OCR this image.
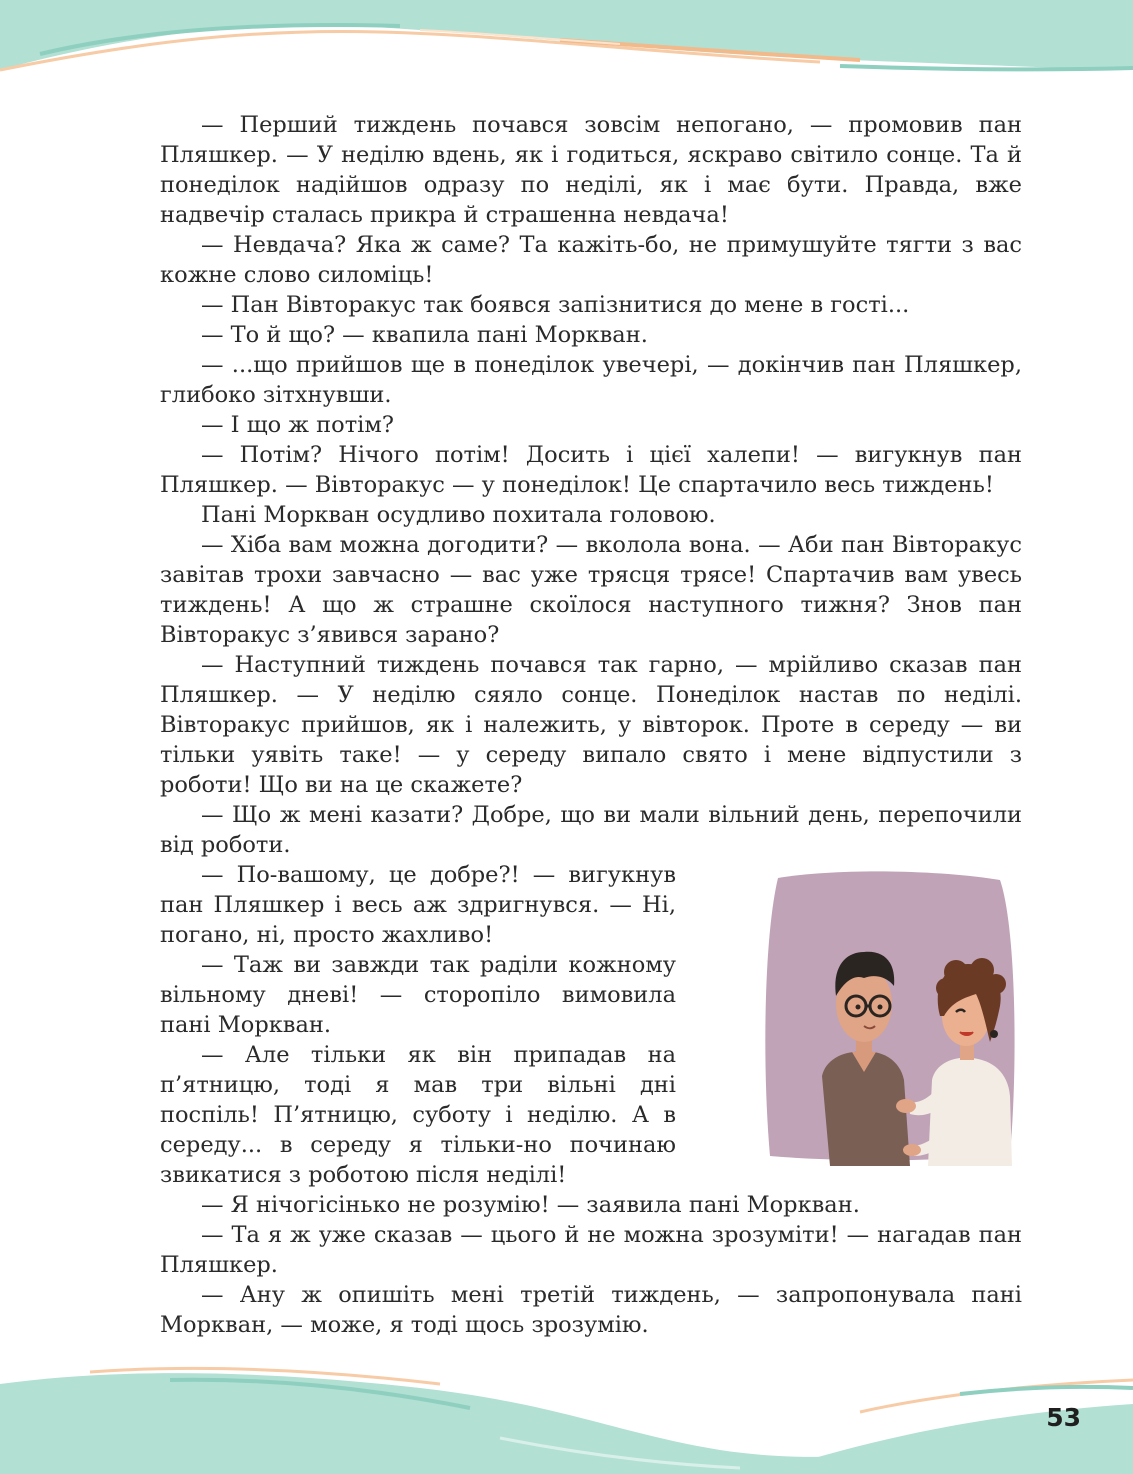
— Перший тиждень почався зовсім непогано, — промовив пан Пляшкер. — У неділю вдень, як і годиться, яскраво світило сонце. Та й понеділок надійшов одразу по неділі, як і має бути. Правда, вже надвечір сталась прикра й страшенна невдача!

— Невдача? Яка ж саме? Та кажіть-бо, не примушуйте тягти з вас кожне слово силоміць!

— Пан Вівторакус так боявся запізнитися до мене в гості...

— То й що? — квапила пані Морквaн.

— ...що прийшов ще в понеділок увечері, — докінчив пан Пляшкер, глибоко зітхнувши.

— І що ж потім?

— Потім? Нічого потім! Досить і цієї халепи! — вигукнув пан Пляшкер. — Вівторакус — у понеділок! Це спартачило весь тиждень!

Пані Морквaн осудливо похитала головою.

— Хіба вам можна догодити? — вколола вона. — Аби пан Вівторакус завітав трохи завчасно — вас уже трясця трясе! Спартачив вам увесь тиждень! А що ж страшне скоїлося наступного тижня? Знов пан Вівторакус з’явився зарано?

— Наступний тиждень почався так гарно, — мрійливо сказав пан Пляшкер. — У неділю сяяло сонце. Понеділок настав по неділі. Вівторакус прийшов, як і належить, у вівторок. Проте в середу — ви тільки уявіть таке! — у середу випало свято і мене відпустили з роботи! Що ви на це скажете?

— Що ж мені казати? Добре, що ви мали вільний день, перепочили від роботи.

— По-вашому, це добре?! — вигукнув пан Пляшкер і весь аж здригнувся. — Ні, погано, ні, просто жахливо!

— Таж ви завжди так раділи кожному вільному дневі! — сторопіло вимовила пані Морквaн.

— Але тільки як він припадав на п’ятницю, тоді я мав три вільні дні поспіль! П’ятницю, суботу і неділю. А в середу... в середу я тільки-но починаю звикатися з роботою після неділі!

— Я нічогісінько не розумію! — заявила пані Морквaн.

— Та я ж уже сказав — цього й не можна зрозуміти! — нагадав пан Пляшкер.

— Ану ж опишіть мені третій тиждень, — запропонувала пані Морквaн, — може, я тоді щось зрозумію.

53
